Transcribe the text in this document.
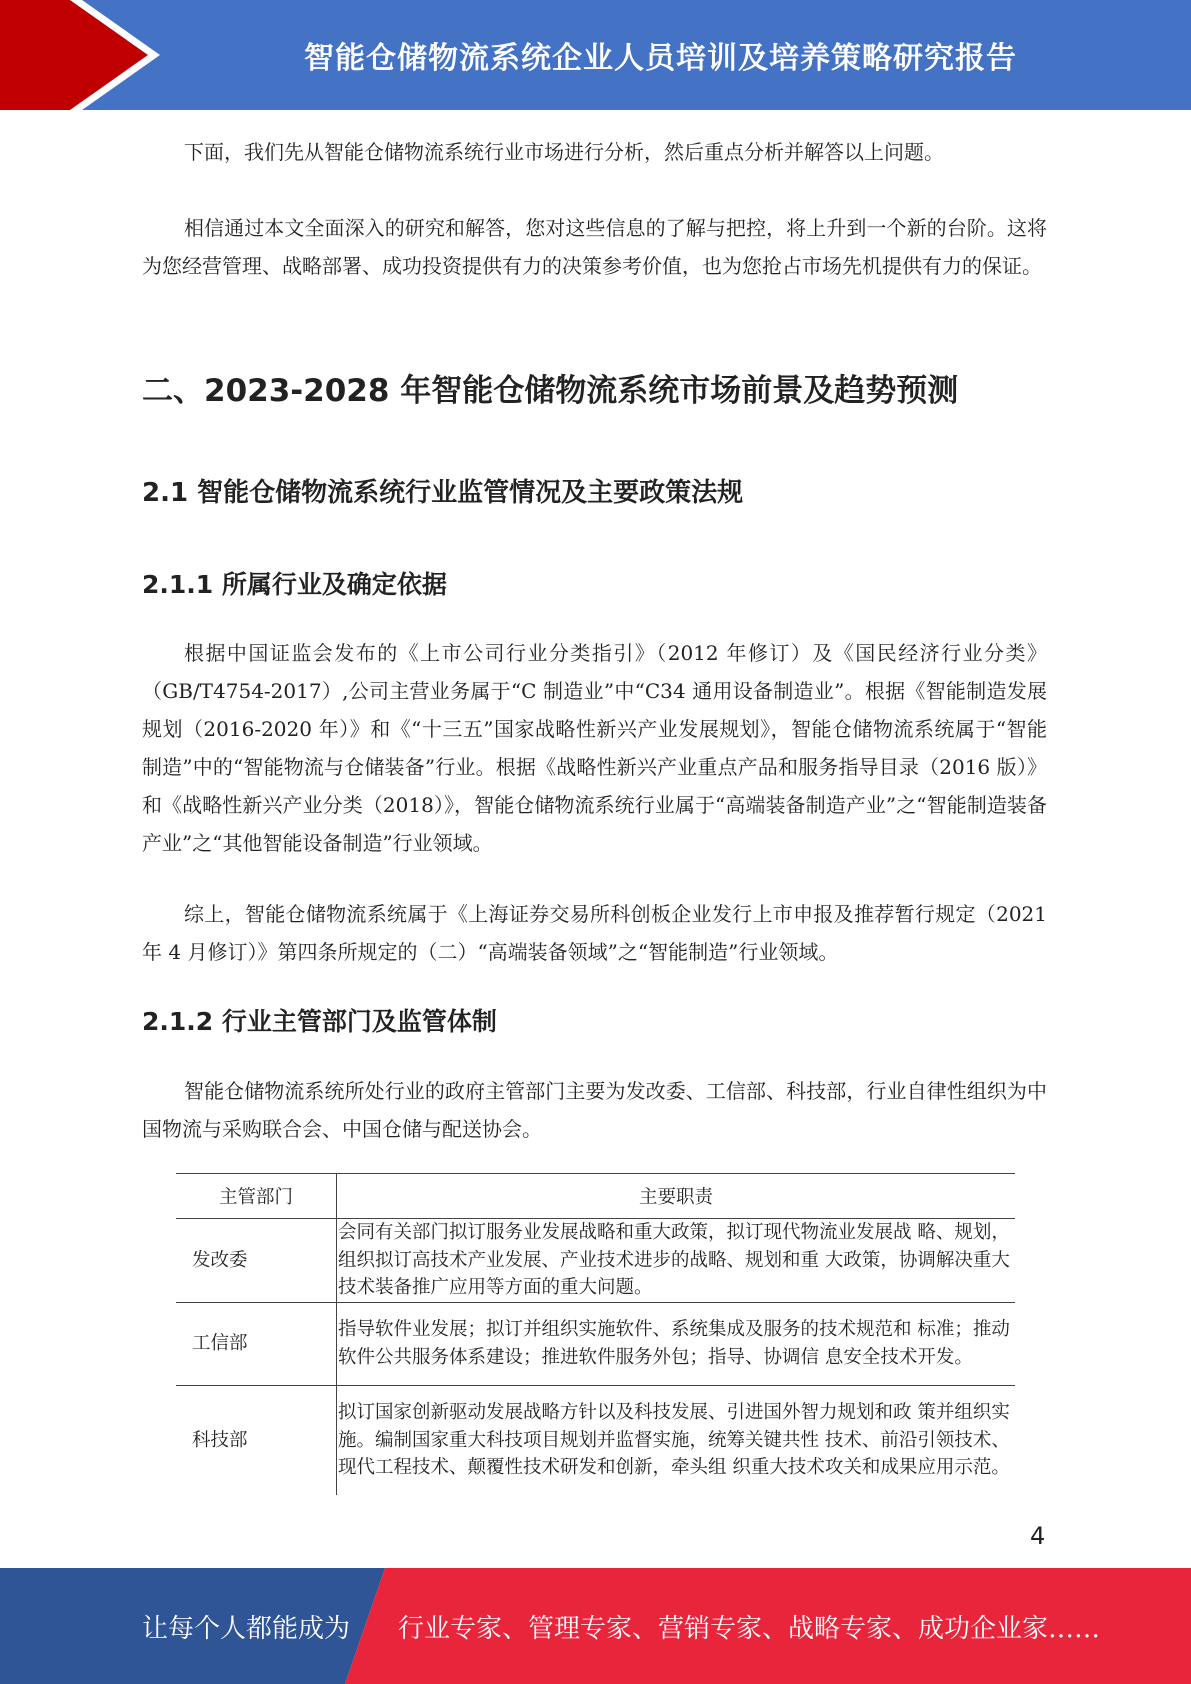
智能仓储物流系统企业人员培训及培养策略研究报告

下面，我们先从智能仓储物流系统行业市场进行分析，然后重点分析并解答以上问题。

相信通过本文全面深入的研究和解答，您对这些信息的了解与把控，将上升到一个新的台阶。这将为您经营管理、战略部署、成功投资提供有力的决策参考价值，也为您抢占市场先机提供有力的保证。

二、2023-2028 年智能仓储物流系统市场前景及趋势预测
2.1 智能仓储物流系统行业监管情况及主要政策法规
2.1.1 所属行业及确定依据

根据中国证监会发布的《上市公司行业分类指引》（2012 年修订）及《国民经济行业分类》（GB/T4754-2017）,公司主营业务属于“C 制造业”中“C34 通用设备制造业”。根据《智能制造发展规划（2016-2020 年）》和《“十三五”国家战略性新兴产业发展规划》，智能仓储物流系统属于“智能制造”中的“智能物流与仓储装备”行业。根据《战略性新兴产业重点产品和服务指导目录（2016 版）》和《战略性新兴产业分类（2018）》，智能仓储物流系统行业属于“高端装备制造产业”之“智能制造装备产业”之“其他智能设备制造”行业领域。

综上，智能仓储物流系统属于《上海证券交易所科创板企业发行上市申报及推荐暂行规定（2021 年 4 月修订）》第四条所规定的（二）“高端装备领域”之“智能制造”行业领域。

2.1.2 行业主管部门及监管体制

智能仓储物流系统所处行业的政府主管部门主要为发改委、工信部、科技部，行业自律性组织为中国物流与采购联合会、中国仓储与配送协会。

主管部门	主要职责
发改委	会同有关部门拟订服务业发展战略和重大政策，拟订现代物流业发展战 略、规划，组织拟订高技术产业发展、产业技术进步的战略、规划和重 大政策，协调解决重大技术装备推广应用等方面的重大问题。
工信部	指导软件业发展；拟订并组织实施软件、系统集成及服务的技术规范和 标准；推动软件公共服务体系建设；推进软件服务外包；指导、协调信 息安全技术开发。
科技部	拟订国家创新驱动发展战略方针以及科技发展、引进国外智力规划和政 策并组织实施。编制国家重大科技项目规划并监督实施，统筹关键共性 技术、前沿引领技术、现代工程技术、颠覆性技术研发和创新，牵头组 织重大技术攻关和成果应用示范。
4
让每个人都能成为 行业专家、管理专家、营销专家、战略专家、成功企业家……
